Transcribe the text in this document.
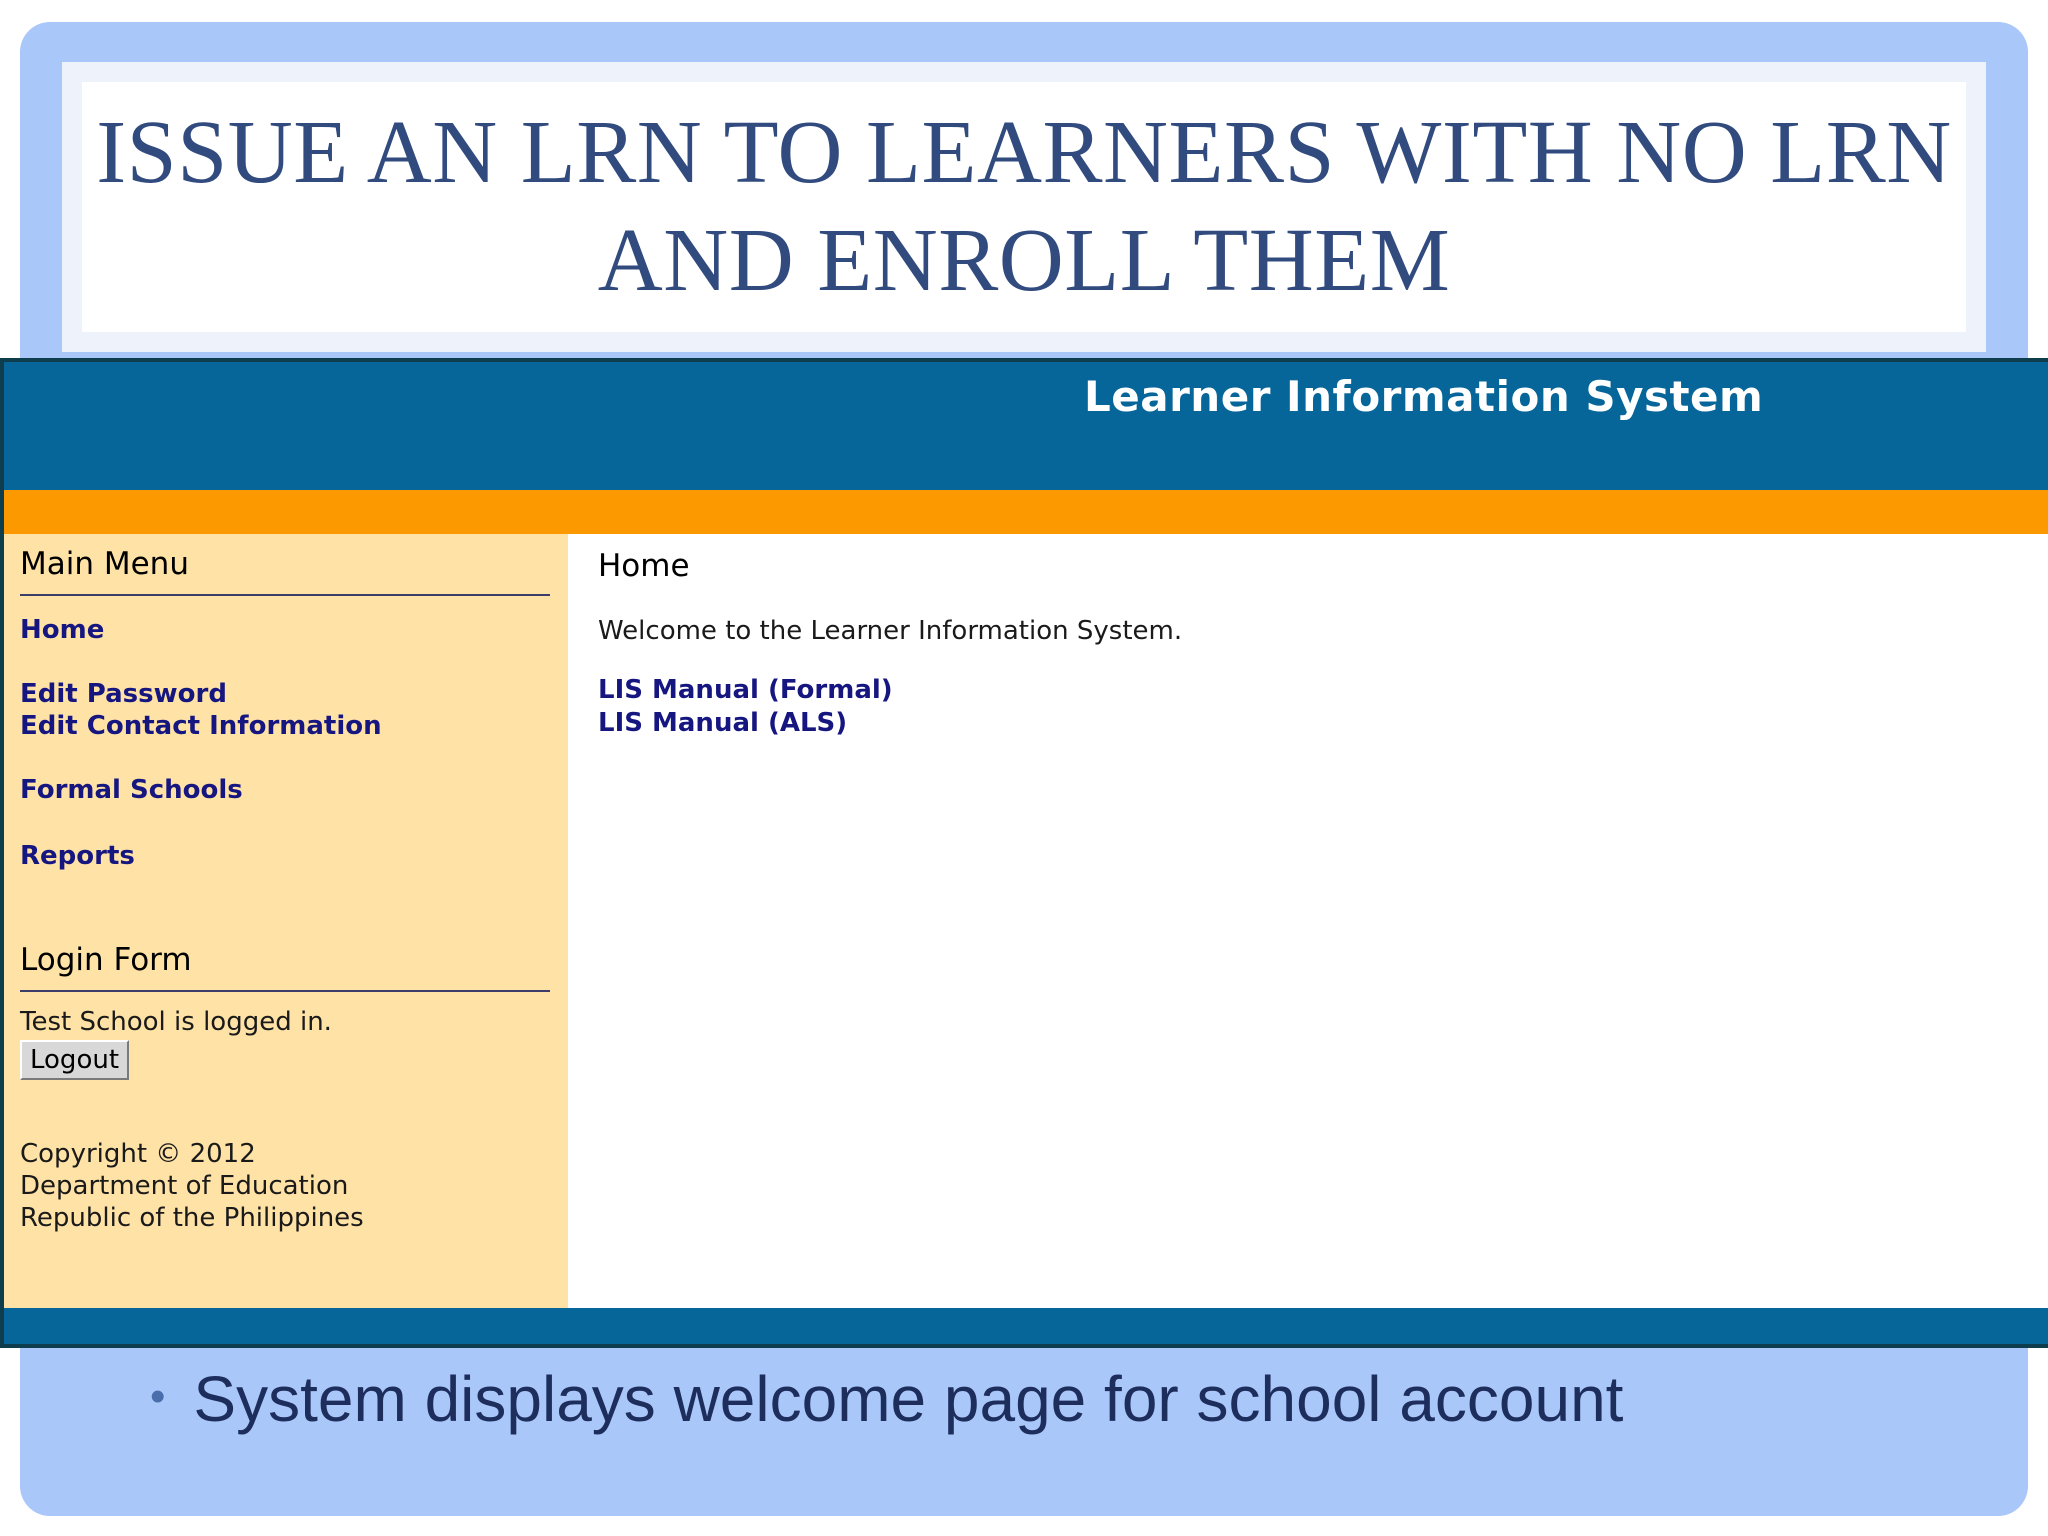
ISSUE AN LRN TO LEARNERS WITH NO LRN AND ENROLL THEM
Learner Information System
Main Menu
Home
Edit Password
Edit Contact Information
Formal Schools
Reports
Login Form

Test School is logged in.

Logout

Copyright © 2012

Department of Education

Republic of the Philippines

Home

Welcome to the Learner Information System.

LIS Manual (Formal)
LIS Manual (ALS)

• System displays welcome page for school account
